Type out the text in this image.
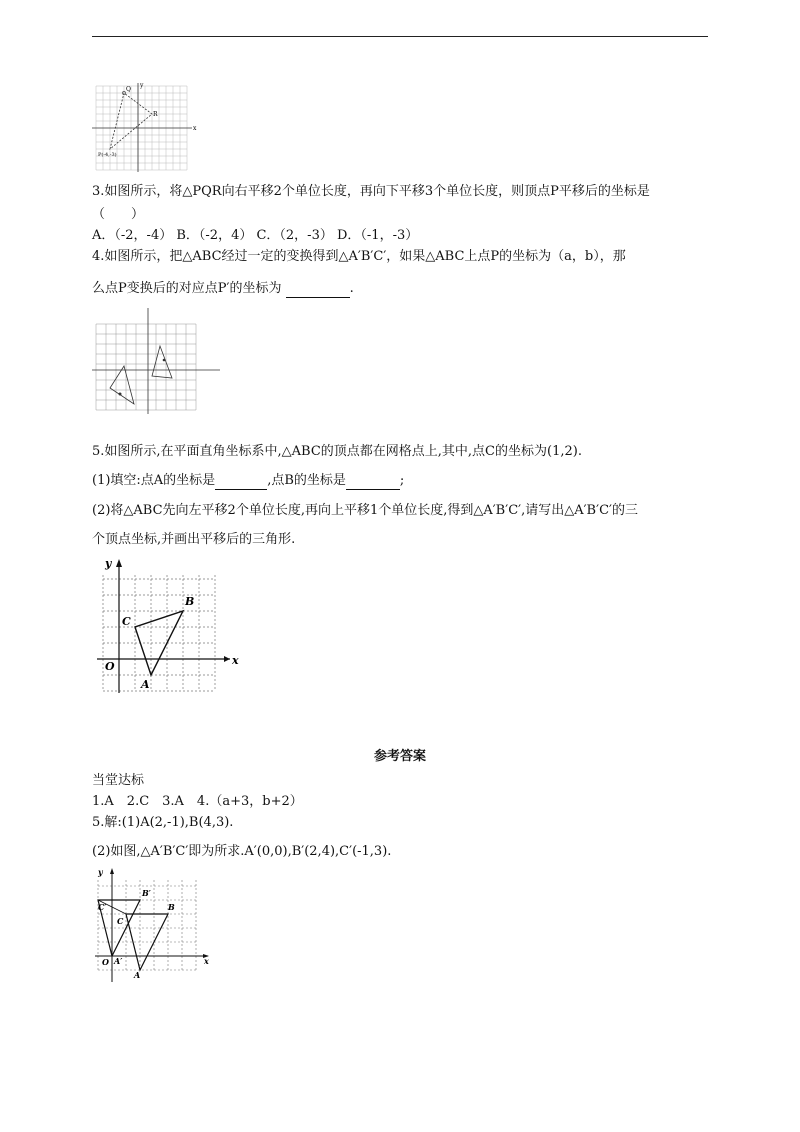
Q
R
P(-4,-3)
x
y
3.如图所示，将△PQR向右平移2个单位长度，再向下平移3个单位长度，则顶点P平移后的坐标是
（　　）
A．（-2，-4） B．（-2，4） C．（2，-3） D．（-1，-3）
4.如图所示，把△ABC经过一定的变换得到△A′B′C′，如果△ABC上点P的坐标为（a，b），那
么点P变换后的对应点P′的坐标为	.
5.如图所示,在平面直角坐标系中,△ABC的顶点都在网格点上,其中,点C的坐标为(1,2).
(1)填空:点A的坐标是	,点B的坐标是	;
(2)将△ABC先向左平移2个单位长度,再向上平移1个单位长度,得到△A′B′C′,请写出△A′B′C′的三
个顶点坐标,并画出平移后的三角形.
x
y
O
A
B
C
参考答案
当堂达标
1.A　2.C　3.A　4.（a+3，b+2）
5.解:(1)A(2,-1),B(4,3).
(2)如图,△A′B′C′即为所求.A′(0,0),B′(2,4),C′(-1,3).
x
y
O A′
A
B′
B
C
C′
